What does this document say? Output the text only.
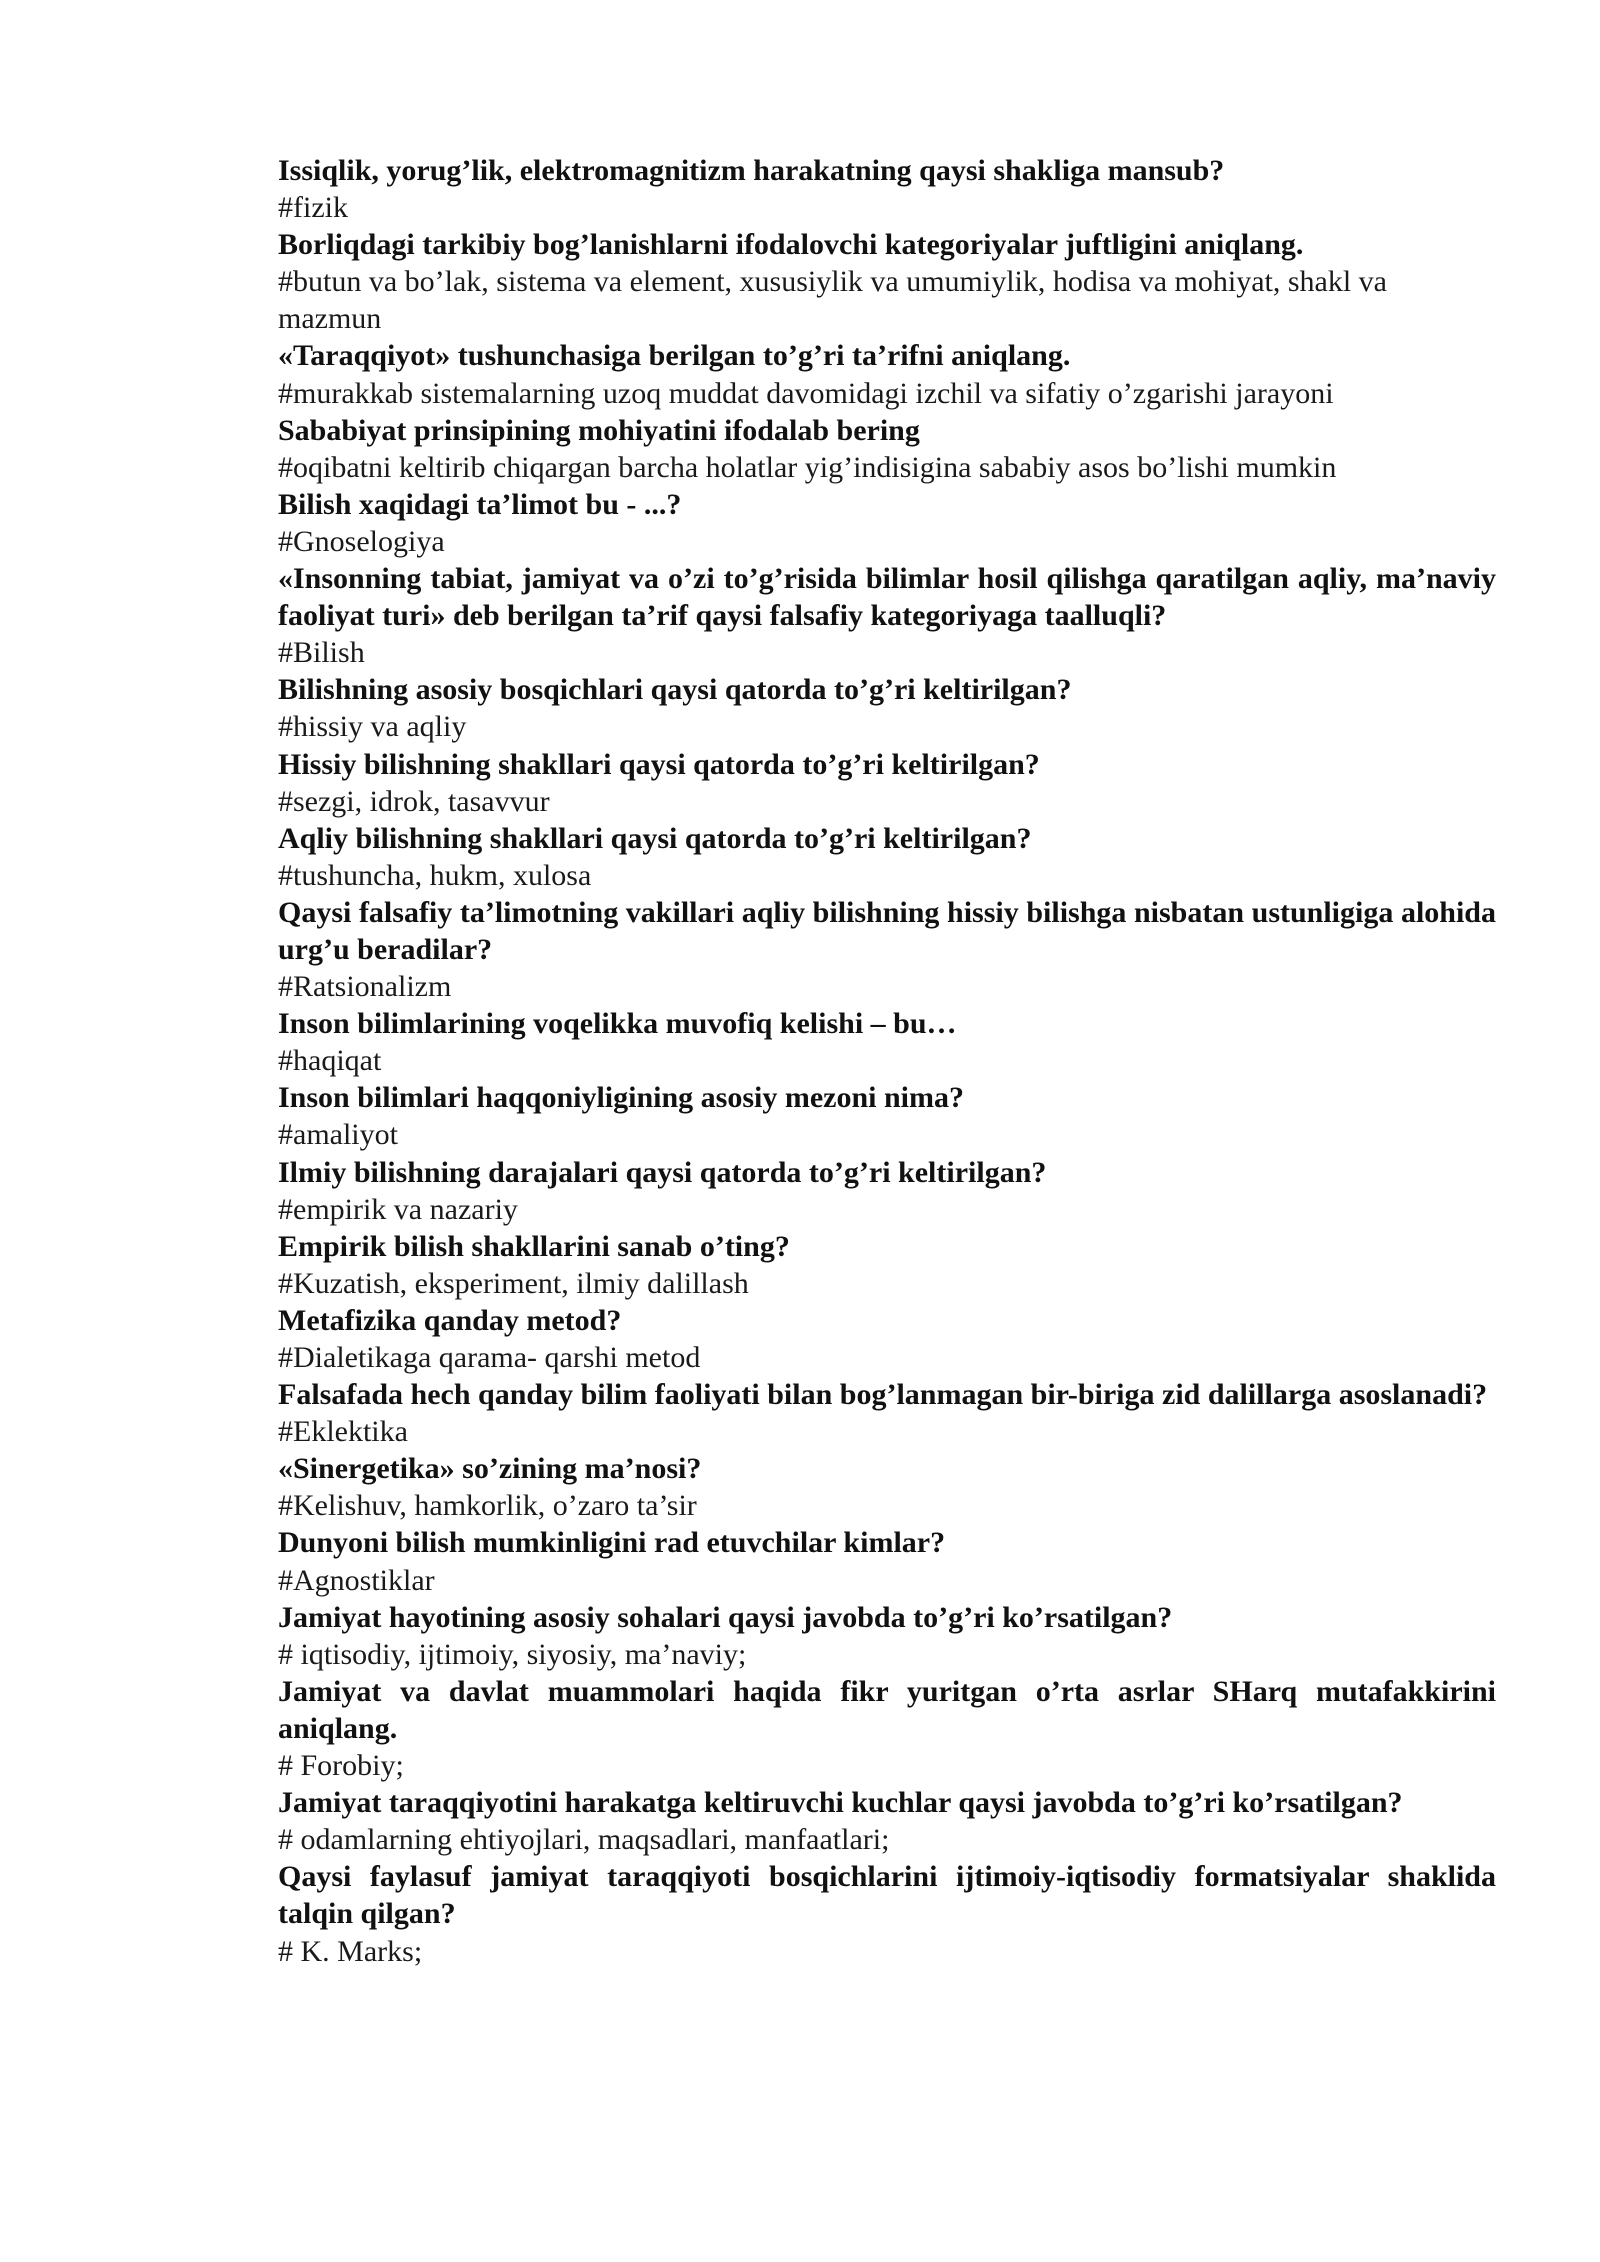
Issiqlik, yorug’lik, elektromagnitizm harakatning qaysi shakliga mansub?

#fizik

Borliqdagi tarkibiy bog’lanishlarni ifodalovchi kategoriyalar juftligini aniqlang.

#butun va bo’lak, sistema va element, xususiylik va umumiylik, hodisa va mohiyat, shakl va mazmun

«Taraqqiyot» tushunchasiga berilgan to’g’ri ta’rifni aniqlang.

#murakkab sistemalarning uzoq muddat davomidagi izchil va sifatiy o’zgarishi jarayoni

Sababiyat prinsipining mohiyatini ifodalab bering

#oqibatni keltirib chiqargan barcha holatlar yig’indisigina sababiy asos bo’lishi mumkin

Bilish xaqidagi ta’limot bu - ...?

#Gnoselogiya

«Insonning tabiat, jamiyat va o’zi to’g’risida bilimlar hosil qilishga qaratilgan aqliy, ma’naviy faoliyat turi» deb berilgan ta’rif qaysi falsafiy kategoriyaga taalluqli?

#Bilish

Bilishning asosiy bosqichlari qaysi qatorda to’g’ri keltirilgan?

#hissiy va aqliy

Hissiy bilishning shakllari qaysi qatorda to’g’ri keltirilgan?

#sezgi, idrok, tasavvur

Aqliy bilishning shakllari qaysi qatorda to’g’ri keltirilgan?

#tushuncha, hukm, xulosa

Qaysi falsafiy ta’limotning vakillari aqliy bilishning hissiy bilishga nisbatan ustunligiga alohida urg’u beradilar?

#Ratsionalizm

Inson bilimlarining voqelikka muvofiq kelishi – bu…

#haqiqat

Inson bilimlari haqqoniyligining asosiy mezoni nima?

#amaliyot

Ilmiy bilishning darajalari qaysi qatorda to’g’ri keltirilgan?

#empirik va nazariy

Empirik bilish shakllarini sanab o’ting?

#Kuzatish, eksperiment, ilmiy dalillash

Metafizika qanday metod?

#Dialetikaga qarama- qarshi metod

Falsafada hech qanday bilim faoliyati bilan bog’lanmagan bir-biriga zid dalillarga asoslanadi?

#Eklektika

«Sinergetika» so’zining ma’nosi?

#Kelishuv, hamkorlik, o’zaro ta’sir

Dunyoni bilish mumkinligini rad etuvchilar kimlar?

#Agnostiklar

Jamiyat hayotining asosiy sohalari qaysi javobda to’g’ri ko’rsatilgan?

# iqtisodiy, ijtimoiy, siyosiy, ma’naviy;

Jamiyat va davlat muammolari haqida fikr yuritgan o’rta asrlar SHarq mutafakkirini aniqlang.

# Forobiy;

Jamiyat taraqqiyotini harakatga keltiruvchi kuchlar qaysi javobda to’g’ri ko’rsatilgan?

# odamlarning ehtiyojlari, maqsadlari, manfaatlari;

Qaysi faylasuf jamiyat taraqqiyoti bosqichlarini ijtimoiy-iqtisodiy formatsiyalar shaklida talqin qilgan?

# K. Marks;
